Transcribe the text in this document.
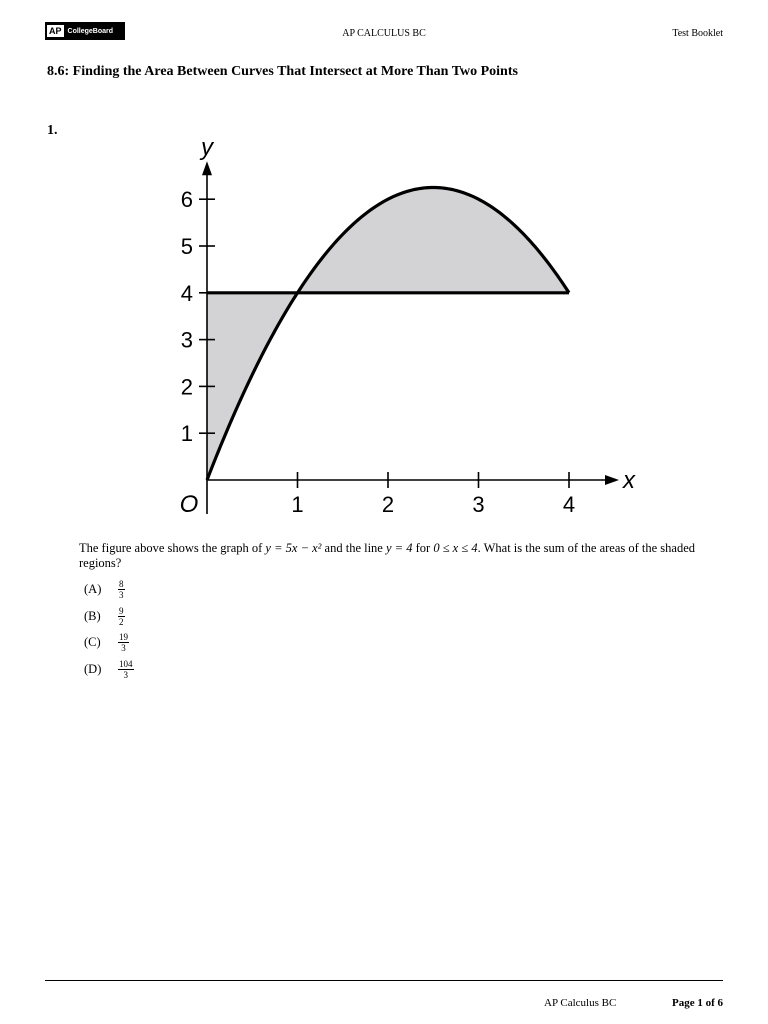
AP CollegeBoard	AP CALCULUS BC	Test Booklet
8.6: Finding the Area Between Curves That Intersect at More Than Two Points
1.
1	2	3	4
1
2
3
4
5
6
x
y
O
The figure above shows the graph of y = 5x − x² and the line y = 4 for 0 ≤ x ≤ 4. What is the sum of the areas of the shaded regions?
(A)	$\frac{8}{3}$
(B)	$\frac{9}{2}$
(C)	$\frac{19}{3}$
(D)	$\frac{104}{3}$
AP Calculus BC	Page 1 of 6
